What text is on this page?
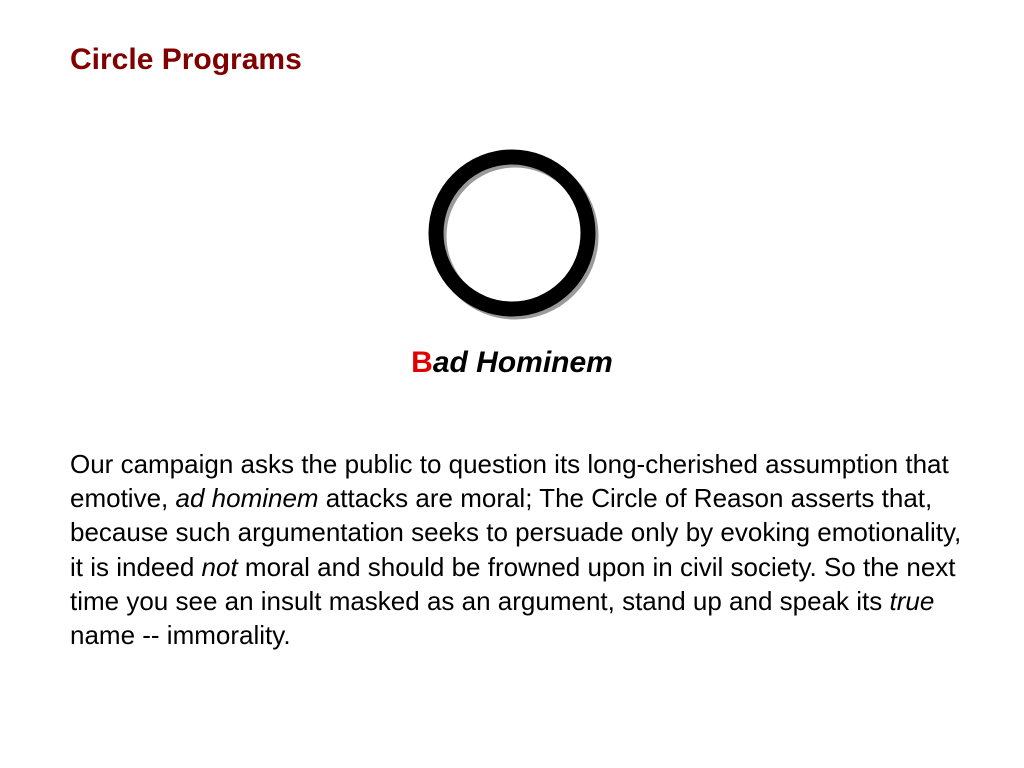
Circle Programs
Bad Hominem

Our campaign asks the public to question its long-cherished assumption that emotive, ad hominem attacks are moral; The Circle of Reason asserts that, because such argumentation seeks to persuade only by evoking emotionality, it is indeed not moral and should be frowned upon in civil society. So the next time you see an insult masked as an argument, stand up and speak its true name -- immorality.
